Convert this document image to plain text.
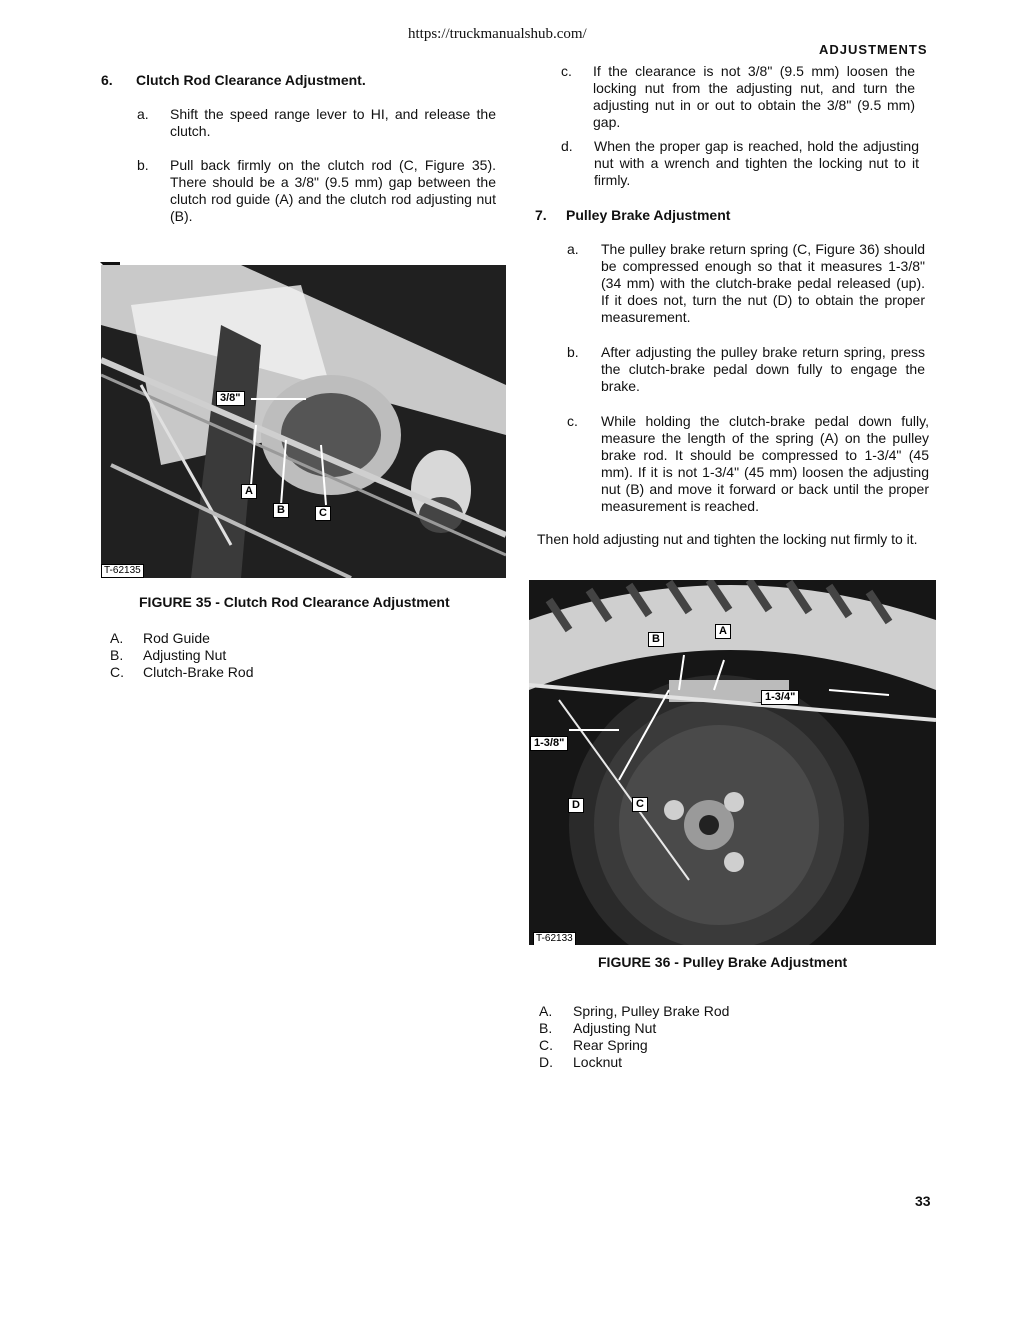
https://truckmanualshub.com/
ADJUSTMENTS
6. Clutch Rod Clearance Adjustment.
a. Shift the speed range lever to HI, and release the clutch.
b. Pull back firmly on the clutch rod (C, Figure 35). There should be a 3/8" (9.5 mm) gap between the clutch rod guide (A) and the clutch rod adjusting nut (B).
3/8"
A
B	C
T-62135
FIGURE 35 - Clutch Rod Clearance Adjustment
A. Rod Guide
B. Adjusting Nut
C. Clutch-Brake Rod
c. If the clearance is not 3/8" (9.5 mm) loosen the locking nut from the adjusting nut, and turn the adjusting nut in or out to obtain the 3/8" (9.5 mm) gap.
d. When the proper gap is reached, hold the adjusting nut with a wrench and tighten the locking nut to it firmly.
7. Pulley Brake Adjustment
a. The pulley brake return spring (C, Figure 36) should be compressed enough so that it measures 1-3/8" (34 mm) with the clutch-brake pedal released (up). If it does not, turn the nut (D) to obtain the proper measurement.
b. After adjusting the pulley brake return spring, press the clutch-brake pedal down fully to engage the brake.
c. While holding the clutch-brake pedal down fully, measure the length of the spring (A) on the pulley brake rod. It should be compressed to 1-3/4" (45 mm). If it is not 1-3/4" (45 mm) loosen the adjusting nut (B) and move it forward or back until the proper measurement is reached.
Then hold adjusting nut and tighten the locking nut firmly to it.
B
A
1-3/4"
1-3/8"
D	C
T-62133
FIGURE 36 - Pulley Brake Adjustment
A. Spring, Pulley Brake Rod
B. Adjusting Nut
C. Rear Spring
D. Locknut
33
